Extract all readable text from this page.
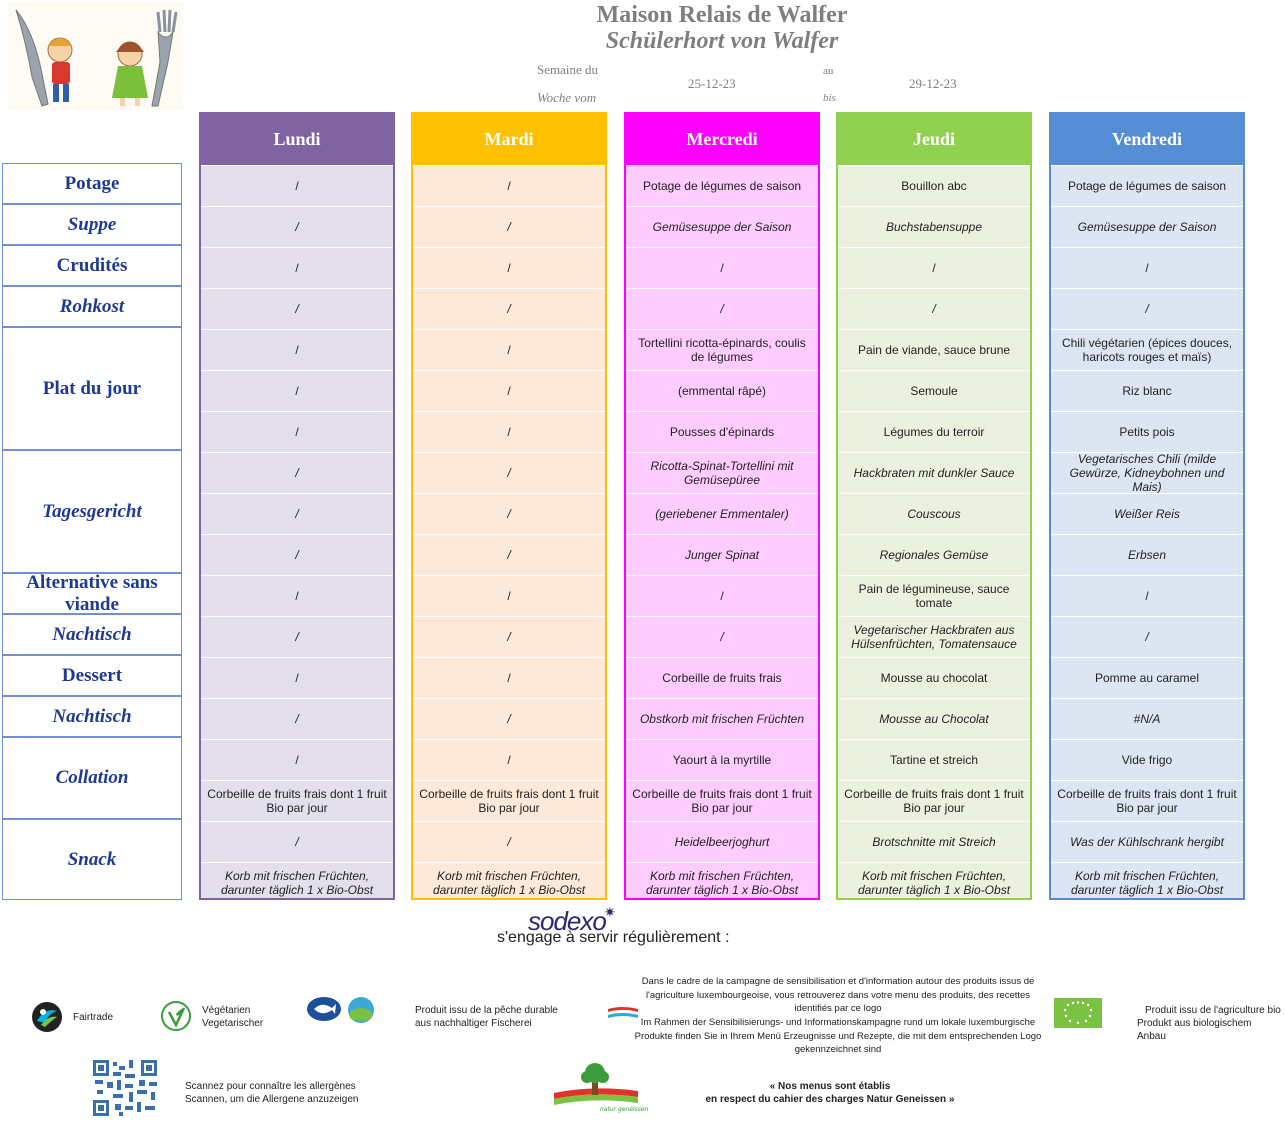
Maison Relais de Walfer
Schülerhort von Walfer
Semaine du
Woche vom
25-12-23
au
bis
29-12-23
Potage
Suppe
Crudités
Rohkost
Plat du jour
Tagesgericht
Alternative sans viande
Nachtisch
Dessert
Nachtisch
Collation
Snack
Lundi
/
/
/
/
/
/
/
/
/
/
/
/
/
/
/
Corbeille de fruits frais dont 1 fruit Bio par jour
/
Korb mit frischen Früchten, darunter täglich 1 x Bio-Obst
Mardi
/
/
/
/
/
/
/
/
/
/
/
/
/
/
/
Corbeille de fruits frais dont 1 fruit Bio par jour
/
Korb mit frischen Früchten, darunter täglich 1 x Bio-Obst
Mercredi
Potage de légumes de saison
Gemüsesuppe der Saison
/
/
Tortellini ricotta-épinards, coulis de légumes
(emmental râpé)
Pousses d'épinards
Ricotta-Spinat-Tortellini mit Gemüsepüree
(geriebener Emmentaler)
Junger Spinat
/
/
Corbeille de fruits frais
Obstkorb mit frischen Früchten
Yaourt à la myrtille
Corbeille de fruits frais dont 1 fruit Bio par jour
Heidelbeerjoghurt
Korb mit frischen Früchten, darunter täglich 1 x Bio-Obst
Jeudi
Bouillon abc
Buchstabensuppe
/
/
Pain de viande, sauce brune
Semoule
Légumes du terroir
Hackbraten mit dunkler Sauce
Couscous
Regionales Gemüse
Pain de légumineuse, sauce tomate
Vegetarischer Hackbraten aus Hülsenfrüchten, Tomatensauce
Mousse au chocolat
Mousse au Chocolat
Tartine et streich
Corbeille de fruits frais dont 1 fruit Bio par jour
Brotschnitte mit Streich
Korb mit frischen Früchten, darunter täglich 1 x Bio-Obst
Vendredi
Potage de légumes de saison
Gemüsesuppe der Saison
/
/
Chili végétarien (épices douces, haricots rouges et maïs)
Riz blanc
Petits pois
Vegetarisches Chili (milde Gewürze, Kidneybohnen und Mais)
Weißer Reis
Erbsen
/
/
Pomme au caramel
#N/A
Vide frigo
Corbeille de fruits frais dont 1 fruit Bio par jour
Was der Kühlschrank hergibt
Korb mit frischen Früchten, darunter täglich 1 x Bio-Obst
sodexo
✷
s'engage à servir régulièrement :
Fairtrade
Végétarien
Vegetarischer
Produit issu de la pêche durable
aus nachhaltiger Fischerei
Dans le cadre de la campagne de sensibilisation et d'information autour des produits issus de l'agriculture luxembourgeoise, vous retrouverez dans votre menu des produits, des recettes identifiés par ce logo
Im Rahmen der Sensibilisierungs- und Informationskampagne rund um lokale luxemburgische Produkte finden Sie in Ihrem Menü Erzeugnisse und Rezepte, die mit dem entsprechenden Logo gekennzeichnet sind
Produit issu de l'agriculture bio
Produkt aus biologischem Anbau
Scannez pour connaître les allergènes
Scannen, um die Allergene anzuzeigen
natur genéissen
« Nos menus sont établis
en respect du cahier des charges Natur Geneissen »
